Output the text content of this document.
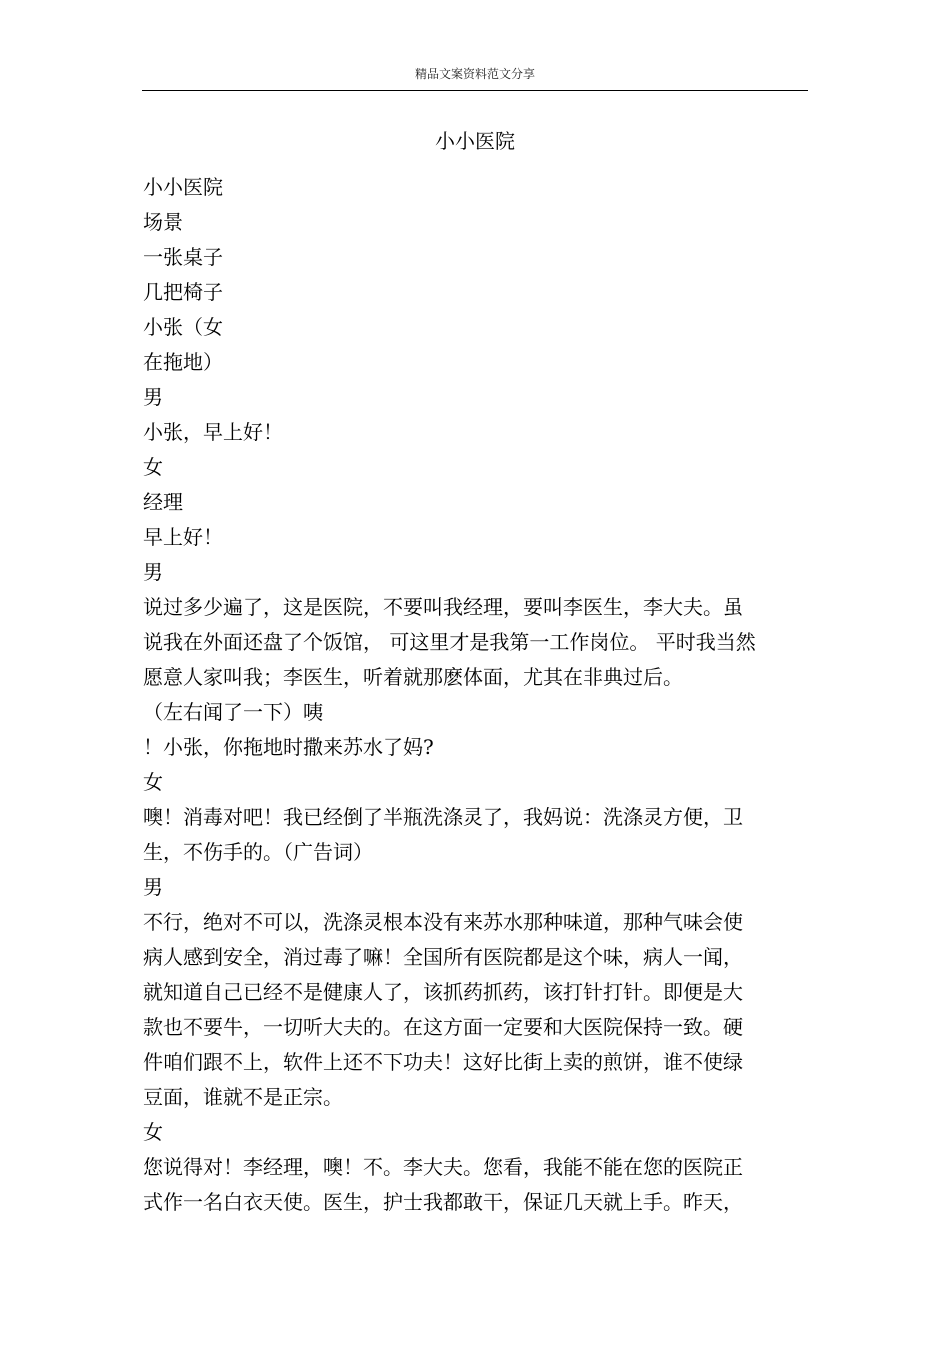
精品文案资料范文分享
小小医院
小小医院
场景
一张桌子
几把椅子
小张（女
在拖地）
男
小张，早上好！
女
经理
早上好！
男
说过多少遍了，这是医院，不要叫我经理，要叫李医生，李大夫。虽
说我在外面还盘了个饭馆， 可这里才是我第一工作岗位。 平时我当然
愿意人家叫我；李医生，听着就那麽体面，尤其在非典过后。
（左右闻了一下）咦
！小张，你拖地时撒来苏水了妈?
女
噢！消毒对吧！我已经倒了半瓶洗涤灵了，我妈说：洗涤灵方便，卫
生，不伤手的。（广告词）
男
不行，绝对不可以，洗涤灵根本没有来苏水那种味道，那种气味会使
病人感到安全，消过毒了嘛！全国所有医院都是这个味，病人一闻，
就知道自己已经不是健康人了，该抓药抓药，该打针打针。即便是大
款也不要牛，一切听大夫的。在这方面一定要和大医院保持一致。硬
件咱们跟不上，软件上还不下功夫！这好比街上卖的煎饼，谁不使绿
豆面，谁就不是正宗。
女
您说得对！李经理，噢！不。李大夫。您看，我能不能在您的医院正
式作一名白衣天使。医生，护士我都敢干，保证几天就上手。昨天，
